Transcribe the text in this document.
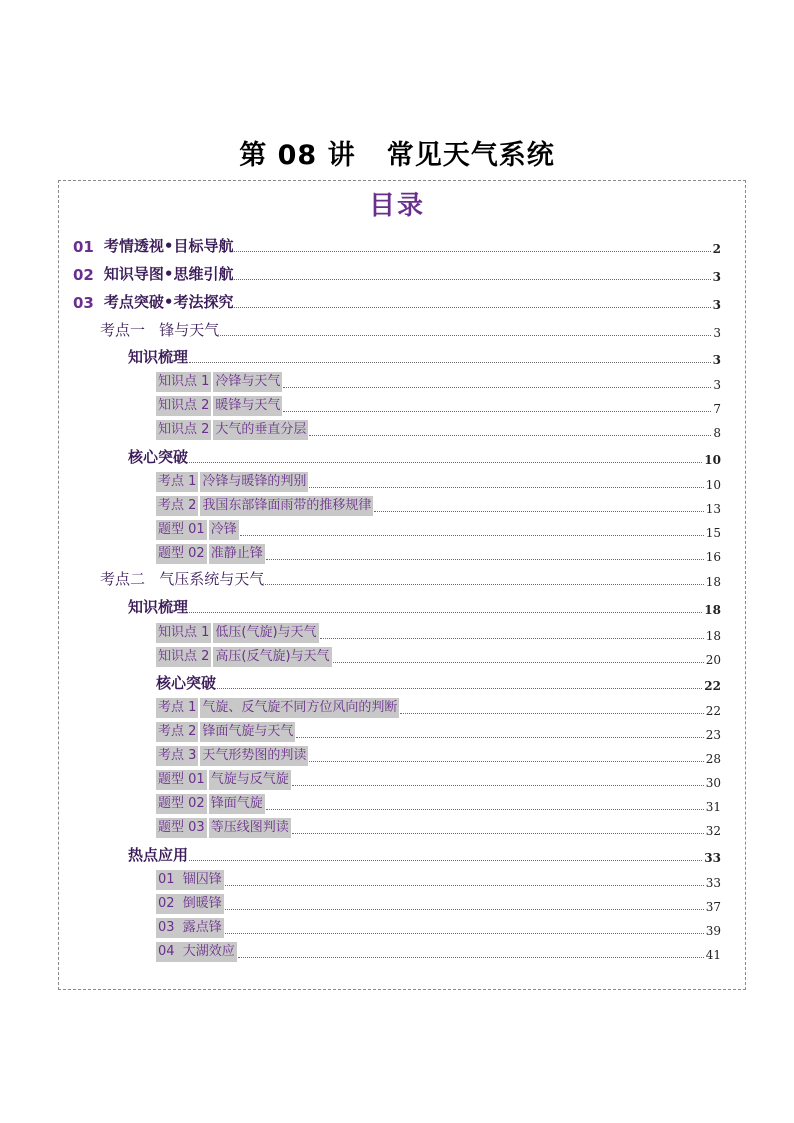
第 08 讲   常见天气系统
目录
01 考情透视•目标导航	2
02 知识导图•思维引航	3
03 考点突破•考法探究	3
考点一   锋与天气	3
知识梳理	3
知识点 1 冷锋与天气	3
知识点 2 暖锋与天气	7
知识点 2 大气的垂直分层	8
核心突破	10
考点 1 冷锋与暖锋的判别	10
考点 2 我国东部锋面雨带的推移规律	13
题型 01 冷锋	15
题型 02 准静止锋	16
考点二   气压系统与天气	18
知识梳理	18
知识点 1 低压(气旋)与天气	18
知识点 2 高压(反气旋)与天气	20
核心突破	22
考点 1 气旋、反气旋不同方位风向的判断	22
考点 2 锋面气旋与天气	23
考点 3 天气形势图的判读	28
题型 01 气旋与反气旋	30
题型 02 锋面气旋	31
题型 03 等压线图判读	32
热点应用	33
01  锢囚锋	33
02  倒暖锋	37
03  露点锋	39
04  大湖效应	41
